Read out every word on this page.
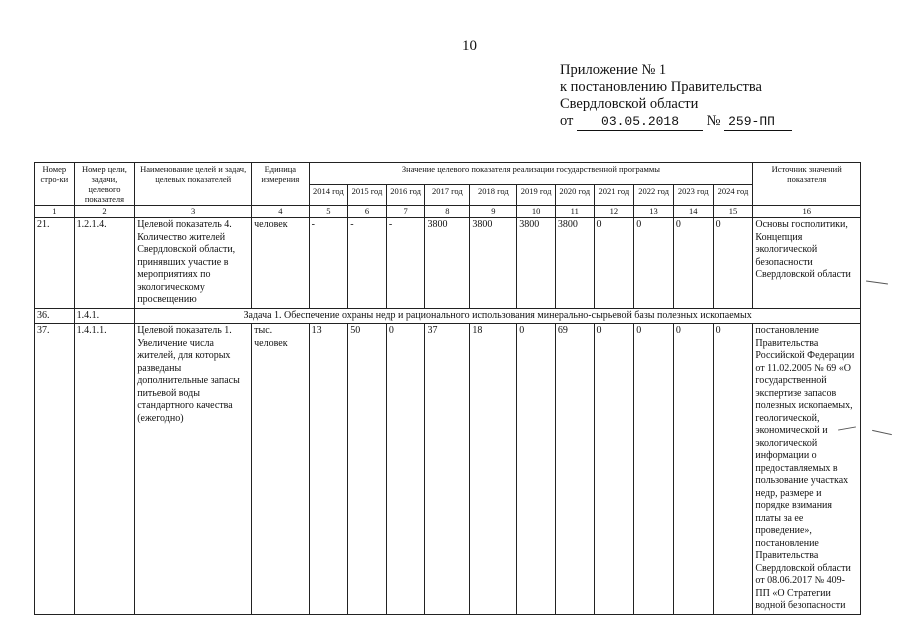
10
Приложение № 1
к постановлению Правительства
Свердловской области
от 03.05.2018 № 259-ПП
Номер стро-ки	Номер цели, задачи, целевого показателя	Наименование целей и задач, целевых показателей	Единица измерения	Значение целевого показателя реализации государственной программы											Источник значений показателя
				2014 год	2015 год	2016 год	2017 год	2018 год	2019 год	2020 год	2021 год	2022 год	2023 год	2024 год	
1	2	3	4	5	6	7	8	9	10	11	12	13	14	15	16
21.	1.2.1.4.	Целевой показатель 4. Количество жителей Свердловской области, принявших участие в мероприятиях по экологическому просвещению	человек	-	-	-	3800	3800	3800	3800	0	0	0	0	Основы госполитики, Концепция экологической безопасности Свердловской области
36.	1.4.1.	Задача 1. Обеспечение охраны недр и рационального использования минерально-сырьевой базы полезных ископаемых													
37.	1.4.1.1.	Целевой показатель 1. Увеличение числа жителей, для которых разведаны дополнительные запасы питьевой воды стандартного качества (ежегодно)	тыс. человек	13	50	0	37	18	0	69	0	0	0	0	постановление Правительства Российской Федерации от 11.02.2005 № 69 «О государственной экспертизе запасов полезных ископаемых, геологической, экономической и экологической информации о предоставляемых в пользование участках недр, размере и порядке взимания платы за ее проведение», постановление Правительства Свердловской области от 08.06.2017 № 409-ПП «О Стратегии водной безопасности
